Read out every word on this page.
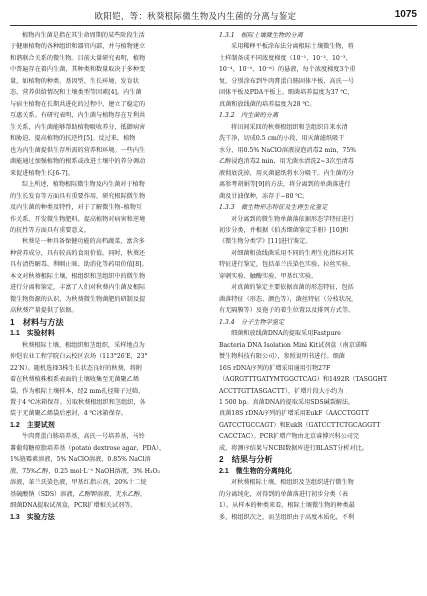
欧阳铠，等：秋葵根际微生物及内生菌的分离与鉴定	1075
植物内生菌是指在其生命周期的某些阶段生活
于健康植物的各种组织和器官内部，并与植物建立
和谐联合关系的微生物。目前大量研究表明，植物
中普遍存在着内生菌，其种类和数量取决于多种变
量，如植物的种类、基因型、生长环境、发育状
态、营养供给情况和土壤类型等因素[4]。内生菌
与宿主植物在长期共进化的过程中，建立了稳定的
互惠关系。有研究表明，内生菌与植物存在互利共
生关系，内生菌能够帮助植物吸收养分、抵御病害
和胁迫、提高植物的抗逆性[5]。反过来，植物
也为内生菌提供生存所需的营养和环境。一些内生
菌能通过加强植物的根系或改进土壤中的养分调动
来促进植物生长[6-7]。
综上所述，植物根际微生物及内生菌对于植物
的生长发育等方面具有重要作用，研究根际微生物
及内生菌的种类及特性，对于了解微生物–植物互
作关系、开发微生物肥料、提高植物对病害和逆境
的抗性等方面具有重要意义。
秋葵是一种具备保健功能的高档蔬菜，富含多
种营养成分，具有较高的食用价值。同时，秋葵还
具有清热解毒、利咽止咳、助消化等药用价值[8]。
本文对秋葵根际土壤、根组织和茎组织中的微生物
进行分离和鉴定，丰富了人们对秋葵内生菌及根际
微生物资源的认识，为秋葵微生物菌肥的研制及提
高秋葵产量提供了依据。
1　材料与方法
1.1　实验材料
秋葵根际土壤、根组织和茎组织，采样地点为
仲恺农业工程学院白云校区农场（113°26′E，23°
22′N）。随机选择3株生长状态良好的秋葵，将附
着在秋葵植株根系表面的土壤收集至无菌聚乙烯
袋，作为根际土壤样本，经2 mm孔径筛子过筛，
置于4 ℃冰箱保存。另取秋葵根组织和茎组织，各
装于无菌聚乙烯袋后密封，4 ℃冰箱保存。
1.2　主要试剂
牛肉膏蛋白胨培养基，高氏一号培养基，马铃
薯葡萄糖琼脂培养基（potato dextrose agar，PDA），
1%链霉素溶液，5% NaClO溶液，0.85% NaCl溶
液，75%乙醇，0.25 mol·L⁻¹ NaOH溶液，3% H₂O₂
溶液，革兰氏染色液，甲基红指示剂，20%十二烷
基硫酸钠（SDS）溶液，乙醇钾溶液，无水乙醇，
细菌DNA提取试剂盒，PCR扩增相关试剂等。
1.3　实验方法
1.3.1　根际土壤微生物的分离
采用稀释平板涂布法分离根际土壤微生物，将
土样制备成不同浓度梯度（10⁻¹、10⁻²、10⁻³、
10⁻⁴、10⁻⁵、10⁻⁶）的悬液，每个浓度梯度3个重
复，分别涂布到牛肉膏蛋白胨固体平板、高氏一号
固体平板及PDA平板上。细菌培养温度为37 ℃，
真菌和放线菌的培养温度为28 ℃。
1.3.2　内生菌的分离
将田间采回的秋葵根组织和茎组织自来水清
洗干净，切成0.5 cm的小段，用灭菌滤纸吸干
水分，用0.5% NaClO溶液浸泡消毒2 min，75%
乙醇浸泡消毒2 min，用无菌水清洗2~3次至清毒
液彻底洗掉，用灭菌滤纸将水分吸干。内生菌的分
离参考胡娟等[9]的方法，将分离到的单菌落进行
菌及甘油保种，冻存于−80 ℃。
1.3.3　微生物形态特征及生理生化鉴定
对分离到的微生物单菌落依据形态学特征进行
初步分类，并根据《伯杰细菌鉴定手册》[10]和
《微生物分类学》[11]进行鉴定。
对细菌和放线菌采用不同的生理生化指标对其
特征进行鉴定，包括革兰氏染色实验、拉丝实验、
穿刺实验、触酶实验、甲基红实验。
对真菌的鉴定主要依据真菌的形态特征，包括
菌落特征（形态、颜色等），菌丝特征（分枝状况，
有无隔膜等）及孢子的着生位置以及排列方式等。
1.3.4　分子生物学鉴定
细菌和放线菌DNA的提取采用Fastpure
Bacteria DNA Isolation Mini Kit试剂盒（南京诺唯
赞生物科技有限公司），参照说明书进行。细菌
16S rDNA序列的扩增采用通用引物27F
（AGRGTTTGATYMTGGCTCAG）和1492R（TASGGHT
ACCTTGTTASGACTT），扩增片段大小约为
1 500 bp。真菌DNA的提取采用SDS碱裂解法。
真菌18S rDNA序列的扩增采用EukF（AACCTGGTT
GATCCTGCCAGT）和EukR（GATCCTTCTGCAGGTT
CACCTAC）。PCR扩增产物由北京睿博兴科公司完
成，将测序结果与NCBI数据库进行BLAST分析对比。
2　结果与分析
2.1　微生物的分离纯化
对秋葵根际土壤、根组织及茎组织进行微生物
的分离纯化，对得到的单菌落进行初步分类（表
1）。从样本的种类来看，根际土壤微生物的种类最
多，根组织次之，而茎组织由于高度木质化，不利
